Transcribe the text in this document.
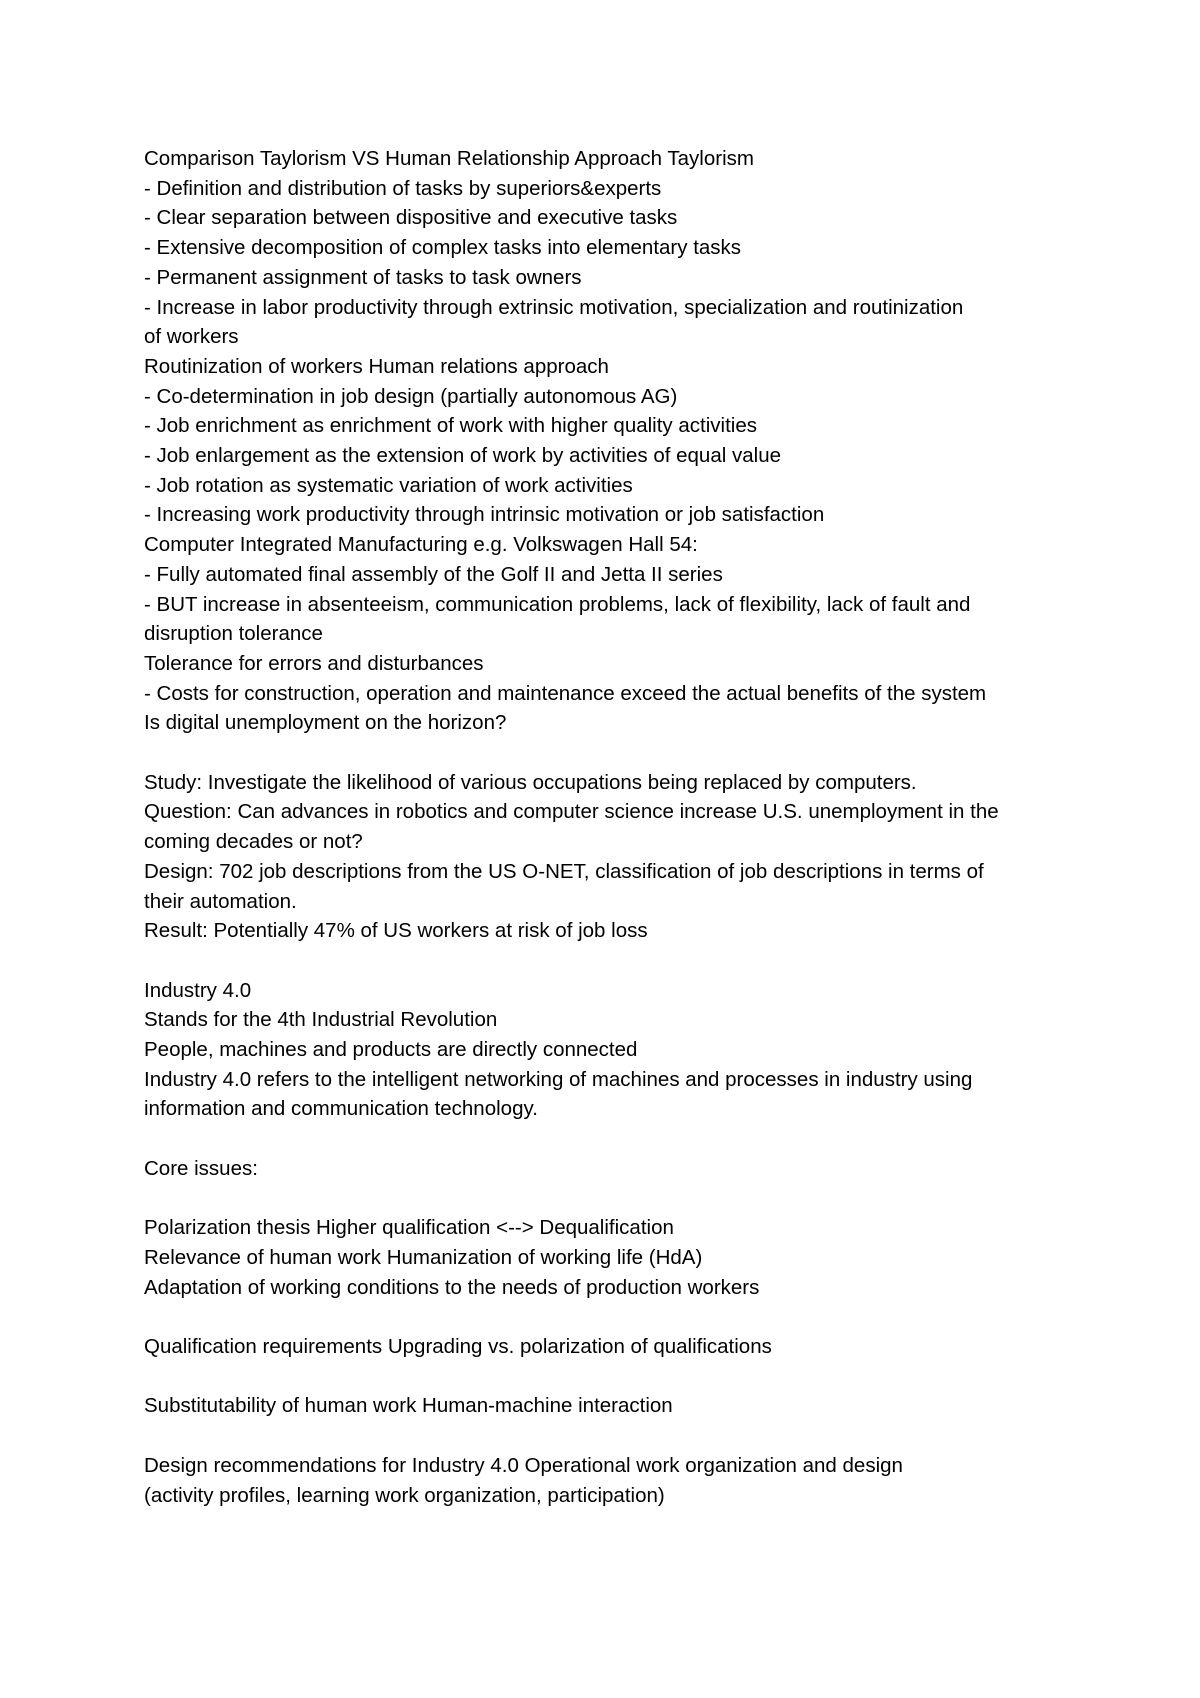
Comparison Taylorism VS Human Relationship Approach Taylorism
- Definition and distribution of tasks by superiors&experts
- Clear separation between dispositive and executive tasks
- Extensive decomposition of complex tasks into elementary tasks
- Permanent assignment of tasks to task owners
- Increase in labor productivity through extrinsic motivation, specialization and routinization
of workers
Routinization of workers Human relations approach
- Co-determination in job design (partially autonomous AG)
- Job enrichment as enrichment of work with higher quality activities
- Job enlargement as the extension of work by activities of equal value
- Job rotation as systematic variation of work activities
- Increasing work productivity through intrinsic motivation or job satisfaction
Computer Integrated Manufacturing e.g. Volkswagen Hall 54:
- Fully automated final assembly of the Golf II and Jetta II series
- BUT increase in absenteeism, communication problems, lack of flexibility, lack of fault and
disruption tolerance
Tolerance for errors and disturbances
- Costs for construction, operation and maintenance exceed the actual benefits of the system
Is digital unemployment on the horizon?
Study: Investigate the likelihood of various occupations being replaced by computers.
Question: Can advances in robotics and computer science increase U.S. unemployment in the
coming decades or not?
Design: 702 job descriptions from the US O-NET, classification of job descriptions in terms of
their automation.
Result: Potentially 47% of US workers at risk of job loss
Industry 4.0
Stands for the 4th Industrial Revolution
People, machines and products are directly connected
Industry 4.0 refers to the intelligent networking of machines and processes in industry using
information and communication technology.
Core issues:
Polarization thesis Higher qualification <--> Dequalification
Relevance of human work Humanization of working life (HdA)
Adaptation of working conditions to the needs of production workers
Qualification requirements Upgrading vs. polarization of qualifications
Substitutability of human work Human-machine interaction
Design recommendations for Industry 4.0 Operational work organization and design
(activity profiles, learning work organization, participation)
